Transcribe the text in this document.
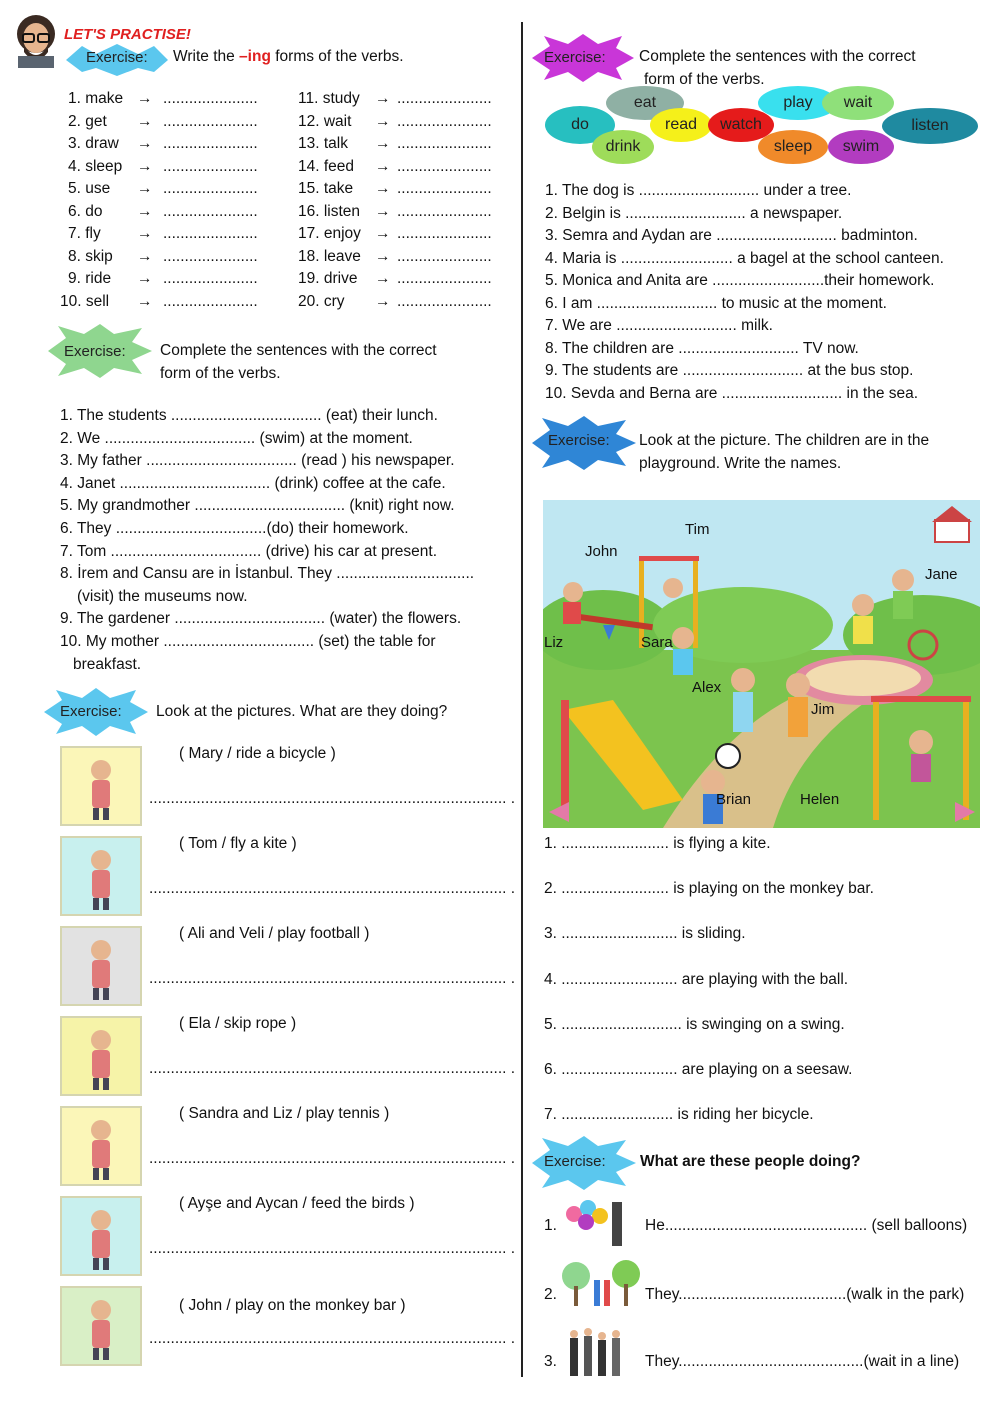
LET'S PRACTISE!
Exercise: Write the –ing forms of the verbs.
1. make → ......................
2. get → ......................
3. draw → ......................
4. sleep → ......................
5. use → ......................
6. do → ......................
7. fly → ......................
8. skip → ......................
9. ride → ......................
10. sell → ......................
11. study → ......................
12. wait → ......................
13. talk → ......................
14. feed → ......................
15. take → ......................
16. listen → ......................
17. enjoy → ......................
18. leave → ......................
19. drive → ......................
20. cry → ......................
Exercise: Complete the sentences with the correct
form of the verbs.
1. The students ................................... (eat) their lunch.
2. We ................................... (swim) at the moment.
3. My father ................................... (read ) his newspaper.
4. Janet ................................... (drink) coffee at the cafe.
5. My grandmother ................................... (knit) right now.
6. They ...................................(do) their homework.
7. Tom ................................... (drive) his car at present.
8. İrem and Cansu are in İstanbul. They ................................
(visit) the museums now.
9. The gardener ................................... (water) the flowers.
10. My mother ................................... (set) the table for
breakfast.
Exercise: Look at the pictures. What are they doing?
( Mary / ride a bicycle )
................................................................................... .
( Tom / fly a kite )
................................................................................... .
( Ali and Veli / play football )
................................................................................... .
( Ela / skip rope )
................................................................................... .
( Sandra and Liz / play tennis )
................................................................................... .
( Ayşe and Aycan / feed the birds )
................................................................................... .
( John / play on the monkey bar )
................................................................................... .
Exercise: Complete the sentences with the correct
form of the verbs.
eat	play	wait
do	read	watch	listen
drink	sleep	swim
1. The dog is ............................ under a tree.
2. Belgin is ............................ a newspaper.
3. Semra and Aydan are ............................ badminton.
4. Maria is .......................... a bagel at the school canteen.
5. Monica and Anita are ..........................their homework.
6. I am ............................ to music at the moment.
7. We are ............................ milk.
8. The children are ............................ TV now.
9. The students are ............................ at the bus stop.
10. Sevda and Berna are ............................ in the sea.
Exercise: Look at the picture. The children are in the
playground. Write the names.
Tim
John
Jane
Liz	Sara
Alex
Jim
Brian	Helen
1. ......................... is flying a kite.
2. ......................... is playing on the monkey bar.
3. ........................... is sliding.
4. ........................... are playing with the ball.
5. ............................ is swinging on a swing.
6. ........................... are playing on a seesaw.
7. .......................... is riding her bicycle.
Exercise: What are these people doing?
1.	He............................................... (sell balloons)
2.	They.......................................(walk in the park)
3.	They...........................................(wait in a line)
